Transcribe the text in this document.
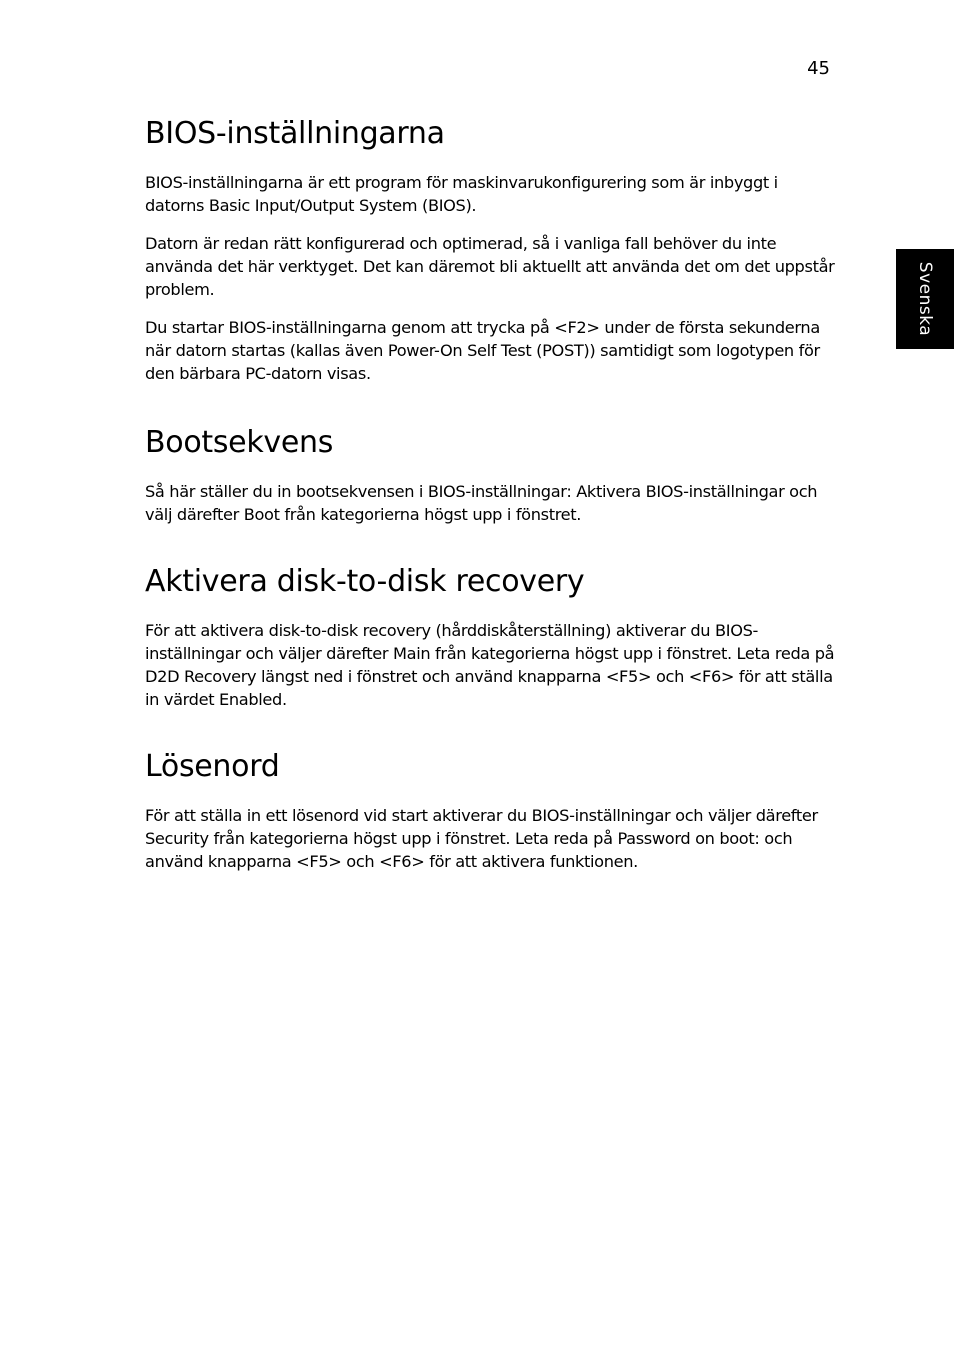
45
Svenska
BIOS-inställningarna

BIOS-inställningarna är ett program för maskinvarukonfigurering som är inbyggt i datorns Basic Input/Output System (BIOS).

Datorn är redan rätt konfigurerad och optimerad, så i vanliga fall behöver du inte använda det här verktyget. Det kan däremot bli aktuellt att använda det om det uppstår problem.

Du startar BIOS-inställningarna genom att trycka på <F2> under de första sekunderna när datorn startas (kallas även Power-On Self Test (POST)) samtidigt som logotypen för den bärbara PC-datorn visas.

Bootsekvens

Så här ställer du in bootsekvensen i BIOS-inställningar: Aktivera BIOS-inställningar och välj därefter Boot från kategorierna högst upp i fönstret.

Aktivera disk-to-disk recovery

För att aktivera disk-to-disk recovery (hårddiskåterställning) aktiverar du BIOS-inställningar och väljer därefter Main från kategorierna högst upp i fönstret. Leta reda på D2D Recovery längst ned i fönstret och använd knapparna <F5> och <F6> för att ställa in värdet Enabled.

Lösenord

För att ställa in ett lösenord vid start aktiverar du BIOS-inställningar och väljer därefter Security från kategorierna högst upp i fönstret. Leta reda på Password on boot: och använd knapparna <F5> och <F6> för att aktivera funktionen.
